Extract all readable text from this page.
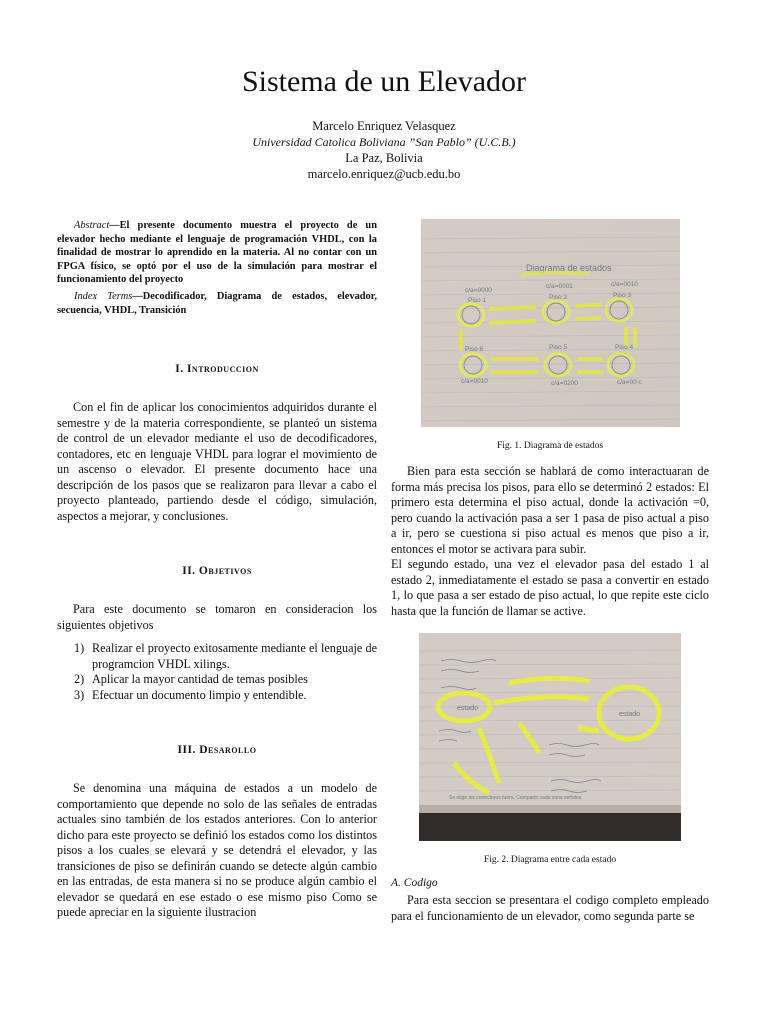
Sistema de un Elevador
Marcelo Enriquez Velasquez
Universidad Catolica Boliviana ”San Pablo” (U.C.B.)
La Paz, Bolivia
marcelo.enriquez@ucb.edu.bo

Abstract—El presente documento muestra el proyecto de un elevador hecho mediante el lenguaje de programación VHDL, con la finalidad de mostrar lo aprendido en la materia. Al no contar con un FPGA físico, se optó por el uso de la simulación para mostrar el funcionamiento del proyecto

Index Terms—Decodificador, Diagrama de estados, elevador, secuencia, VHDL, Transición

I. Introduccion

Con el fin de aplicar los conocimientos adquiridos durante el semestre y de la materia correspondiente, se planteó un sistema de control de un elevador mediante el uso de decodificadores, contadores, etc en lenguaje VHDL para lograr el movimiento de un ascenso o elevador. El presente documento hace una descripción de los pasos que se realizaron para llevar a cabo el proyecto planteado, partiendo desde el código, simulación, aspectos a mejorar, y conclusiones.

II. Objetivos

Para este documento se tomaron en consideracion los siguientes objetivos

1) Realizar el proyecto exitosamente mediante el lenguaje de programcion VHDL xilings.
2) Aplicar la mayor cantidad de temas posibles
3) Efectuar un documento limpio y entendible.
III. Desarollo

Se denomina una máquina de estados a un modelo de comportamiento que depende no solo de las señales de entradas actuales sino también de los estados anteriores. Con lo anterior dicho para este proyecto se definió los estados como los distintos pisos a los cuales se elevará y se detendrá el elevador, y las transiciones de piso se definirán cuando se detecte algún cambio en las entradas, de esta manera si no se produce algún cambio el elevador se quedará en ese estado o ese mismo piso Como se puede apreciar en la siguiente ilustracion

Diagrama de estados
c/a=0000
c/a=0001	c/a=0010
Piso 1	Piso 2	Piso 3
Piso 6	Piso 5	Piso 4
c/a=0010	c/a=0200	c/a=00 c
Fig. 1. Diagrama de estados

Bien para esta sección se hablará de como interactuaran de forma más precisa los pisos, para ello se determinó 2 estados: El primero esta determina el piso actual, donde la activación =0, pero cuando la activación pasa a ser 1 pasa de piso actual a piso a ir, pero se cuestiona si piso actual es menos que piso a ir, entonces el motor se activara para subir.

El segundo estado, una vez el elevador pasa del estado 1 al estado 2, inmediatamente el estado se pasa a convertir en estado 1, lo que pasa a ser estado de piso actual, lo que repite este ciclo hasta que la función de llamar se active.

estado
estado
Se elige los conectores fuera, Compartir cada zona señales
Fig. 2. Diagrama entre cada estado

A. Codigo

Para esta seccion se presentara el codigo completo empleado para el funcionamiento de un elevador, como segunda parte se
